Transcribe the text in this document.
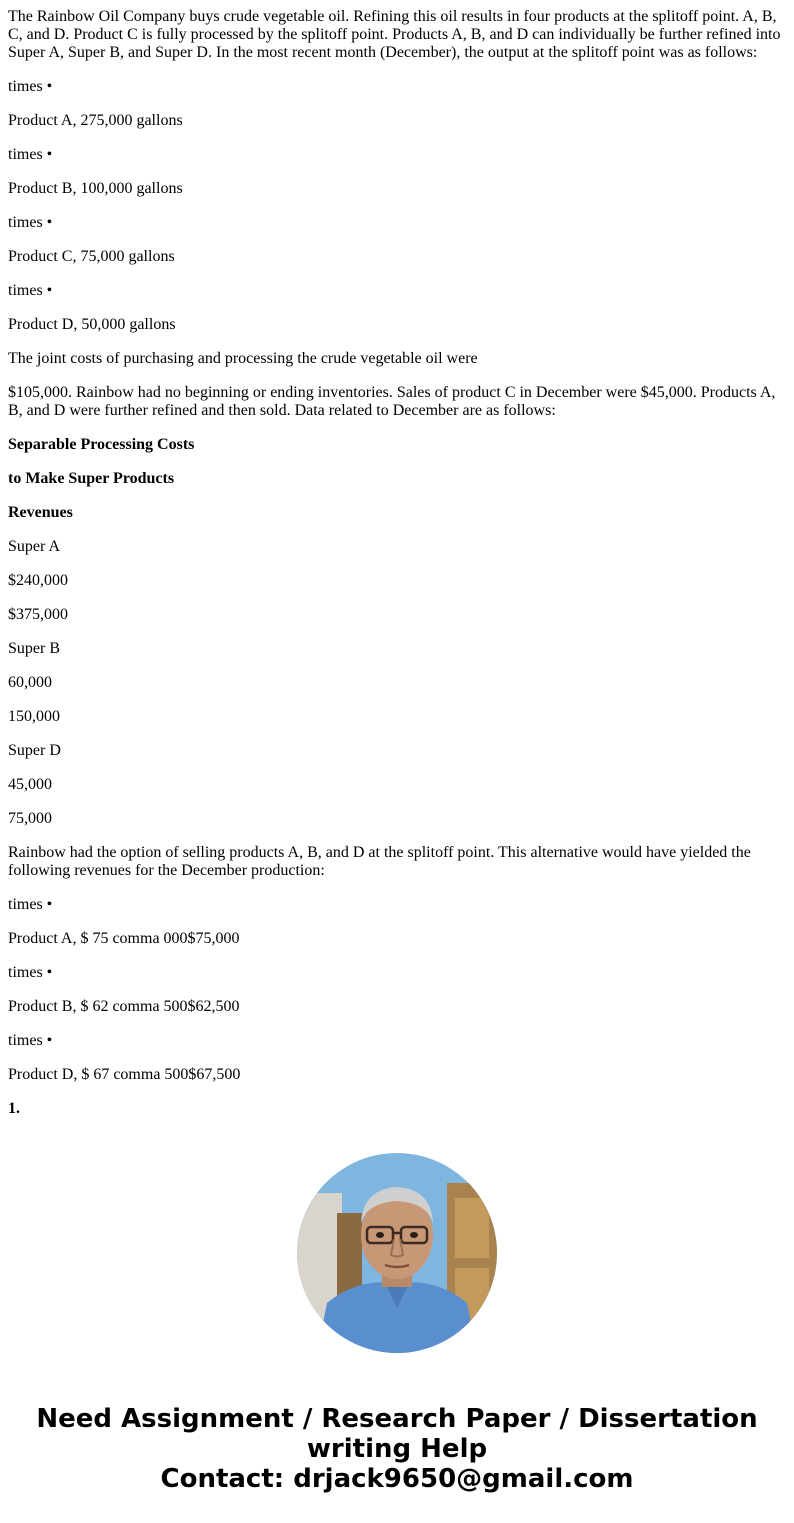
The Rainbow Oil Company buys crude vegetable oil. Refining this oil results in four products at the splitoff point. A, B, C, and D. Product C is fully processed by the splitoff point. Products A, B, and D can individually be further refined into Super A, Super B, and Super D. In the most recent month (December), the output at the splitoff point was as follows:

times •

Product A, 275,000 gallons

times •

Product B, 100,000 gallons

times •

Product C, 75,000 gallons

times •

Product D, 50,000 gallons

The joint costs of purchasing and processing the crude vegetable oil were

$105,000. Rainbow had no beginning or ending inventories. Sales of product C in December were $45,000. Products A, B, and D were further refined and then sold. Data related to December are as follows:

Separable Processing Costs

to Make Super Products

Revenues

Super A

$240,000

$375,000

Super B

60,000

150,000

Super D

45,000

75,000

Rainbow had the option of selling products A, B, and D at the splitoff point. This alternative would have yielded the following revenues for the December production:

times •

Product A, $ 75 comma 000$75,000

times •

Product B, $ 62 comma 500$62,500

times •

Product D, $ 67 comma 500$67,500

1.

Need Assignment / Research Paper / Dissertation
writing Help
Contact: drjack9650@gmail.com
